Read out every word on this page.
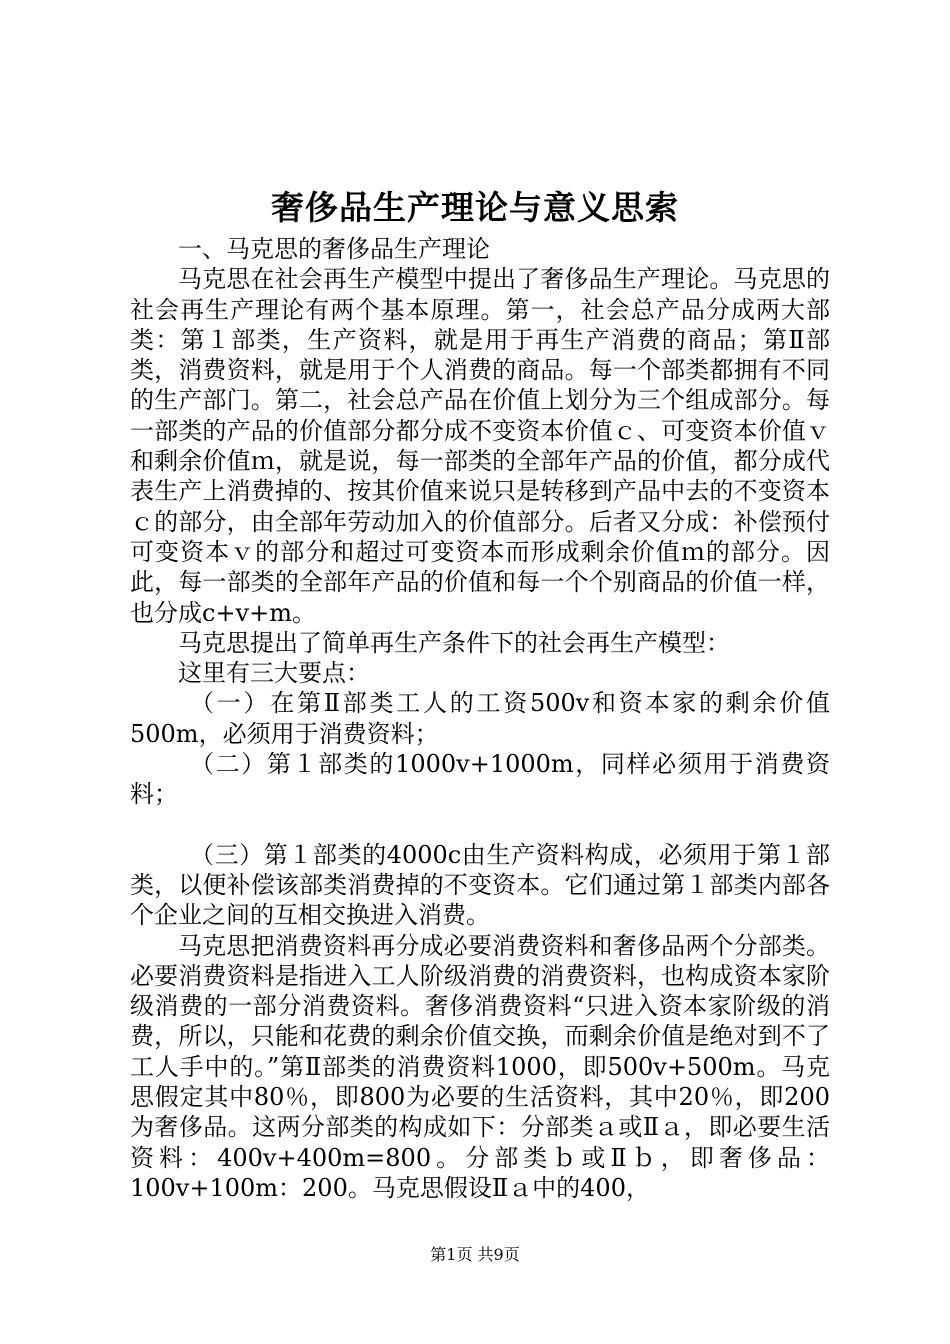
奢侈品生产理论与意义思索

一、马克思的奢侈品生产理论

马克思在社会再生产模型中提出了奢侈品生产理论。马克思的社会再生产理论有两个基本原理。第一，社会总产品分成两大部类：第１部类，生产资料，就是用于再生产消费的商品；第Ⅱ部类，消费资料，就是用于个人消费的商品。每一个部类都拥有不同的生产部门。第二，社会总产品在价值上划分为三个组成部分。每一部类的产品的价值部分都分成不变资本价值ｃ、可变资本价值ｖ和剩余价值ｍ，就是说，每一部类的全部年产品的价值，都分成代表生产上消费掉的、按其价值来说只是转移到产品中去的不变资本ｃ的部分，由全部年劳动加入的价值部分。后者又分成：补偿预付可变资本ｖ的部分和超过可变资本而形成剩余价值ｍ的部分。因此，每一部类的全部年产品的价值和每一个个别商品的价值一样，也分成c+v+m。

马克思提出了简单再生产条件下的社会再生产模型：

这里有三大要点：

（一）在第Ⅱ部类工人的工资500v和资本家的剩余价值500m，必须用于消费资料；

（二）第１部类的1000v+1000m，同样必须用于消费资料；

（三）第１部类的4000c由生产资料构成，必须用于第１部类，以便补偿该部类消费掉的不变资本。它们通过第１部类内部各个企业之间的互相交换进入消费。

马克思把消费资料再分成必要消费资料和奢侈品两个分部类。必要消费资料是指进入工人阶级消费的消费资料，也构成资本家阶级消费的一部分消费资料。奢侈消费资料“只进入资本家阶级的消费，所以，只能和花费的剩余价值交换，而剩余价值是绝对到不了工人手中的。”第Ⅱ部类的消费资料1000，即500v+500m。马克思假定其中80％，即800为必要的生活资料，其中20％，即200为奢侈品。这两分部类的构成如下：分部类ａ或Ⅱａ，即必要生活资料：400v+400m=800。分部类ｂ或Ⅱｂ，即奢侈品：100v+100m：200。马克思假设Ⅱａ中的400，

第1页 共9页
